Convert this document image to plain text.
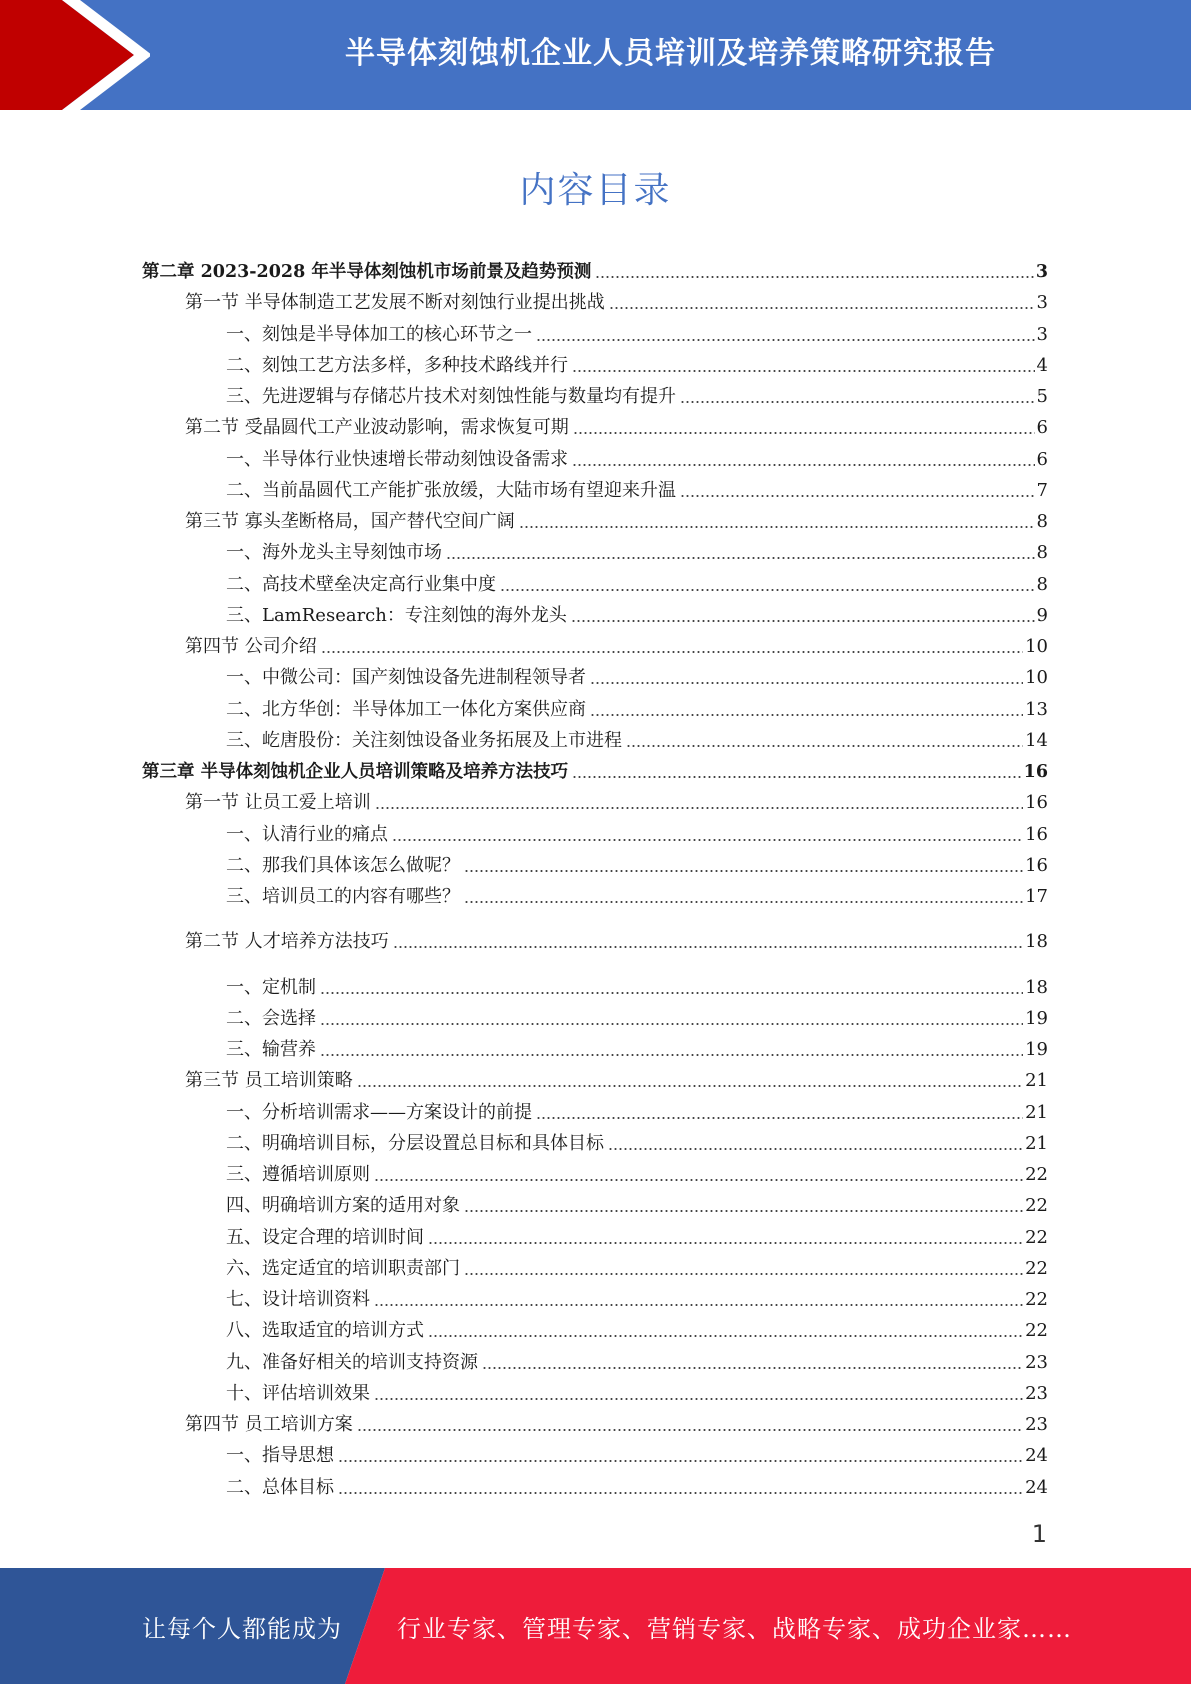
半导体刻蚀机企业人员培训及培养策略研究报告
内容目录
第二章 2023-2028 年半导体刻蚀机市场前景及趋势预测	3
第一节 半导体制造工艺发展不断对刻蚀行业提出挑战	3
一、刻蚀是半导体加工的核心环节之一	3
二、刻蚀工艺方法多样，多种技术路线并行	4
三、先进逻辑与存储芯片技术对刻蚀性能与数量均有提升	5
第二节 受晶圆代工产业波动影响，需求恢复可期	6
一、半导体行业快速增长带动刻蚀设备需求	6
二、当前晶圆代工产能扩张放缓，大陆市场有望迎来升温	7
第三节 寡头垄断格局，国产替代空间广阔	8
一、海外龙头主导刻蚀市场	8
二、高技术壁垒决定高行业集中度	8
三、LamResearch：专注刻蚀的海外龙头	9
第四节 公司介绍	10
一、中微公司：国产刻蚀设备先进制程领导者	10
二、北方华创：半导体加工一体化方案供应商	13
三、屹唐股份：关注刻蚀设备业务拓展及上市进程	14
第三章 半导体刻蚀机企业人员培训策略及培养方法技巧	16
第一节 让员工爱上培训	16
一、认清行业的痛点	16
二、那我们具体该怎么做呢？	16
三、培训员工的内容有哪些？	17
第二节 人才培养方法技巧	18
一、定机制	18
二、会选择	19
三、输营养	19
第三节 员工培训策略	21
一、分析培训需求——方案设计的前提	21
二、明确培训目标，分层设置总目标和具体目标	21
三、遵循培训原则	22
四、明确培训方案的适用对象	22
五、设定合理的培训时间	22
六、选定适宜的培训职责部门	22
七、设计培训资料	22
八、选取适宜的培训方式	22
九、准备好相关的培训支持资源	23
十、评估培训效果	23
第四节 员工培训方案	23
一、指导思想	24
二、总体目标	24
1
让每个人都能成为 行业专家、管理专家、营销专家、战略专家、成功企业家……
